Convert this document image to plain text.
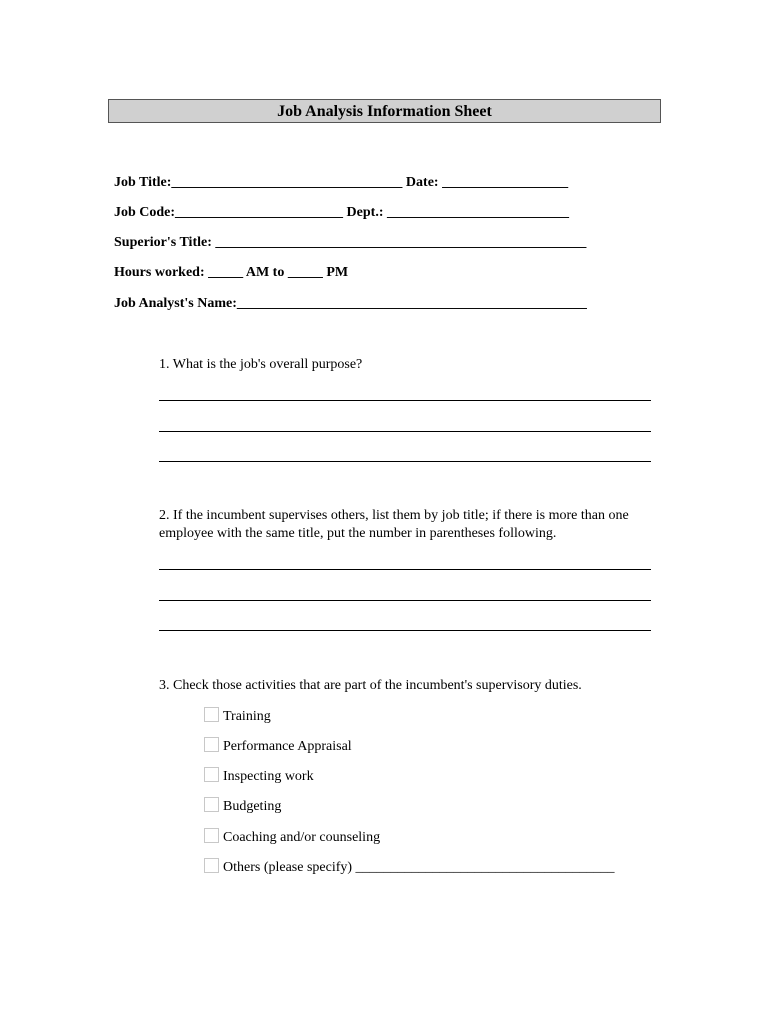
Job Analysis Information Sheet
Job Title:_________________________________ Date: __________________
Job Code:________________________ Dept.: __________________________
Superior's Title: _____________________________________________________
Hours worked: _____ AM to _____ PM
Job Analyst's Name:__________________________________________________
1. What is the job's overall purpose?
2. If the incumbent supervises others, list them by job title; if there is more than one employee with the same title, put the number in parentheses following.
3. Check those activities that are part of the incumbent's supervisory duties.
Training
Performance Appraisal
Inspecting work
Budgeting
Coaching and/or counseling
Others (please specify) _____________________________________
